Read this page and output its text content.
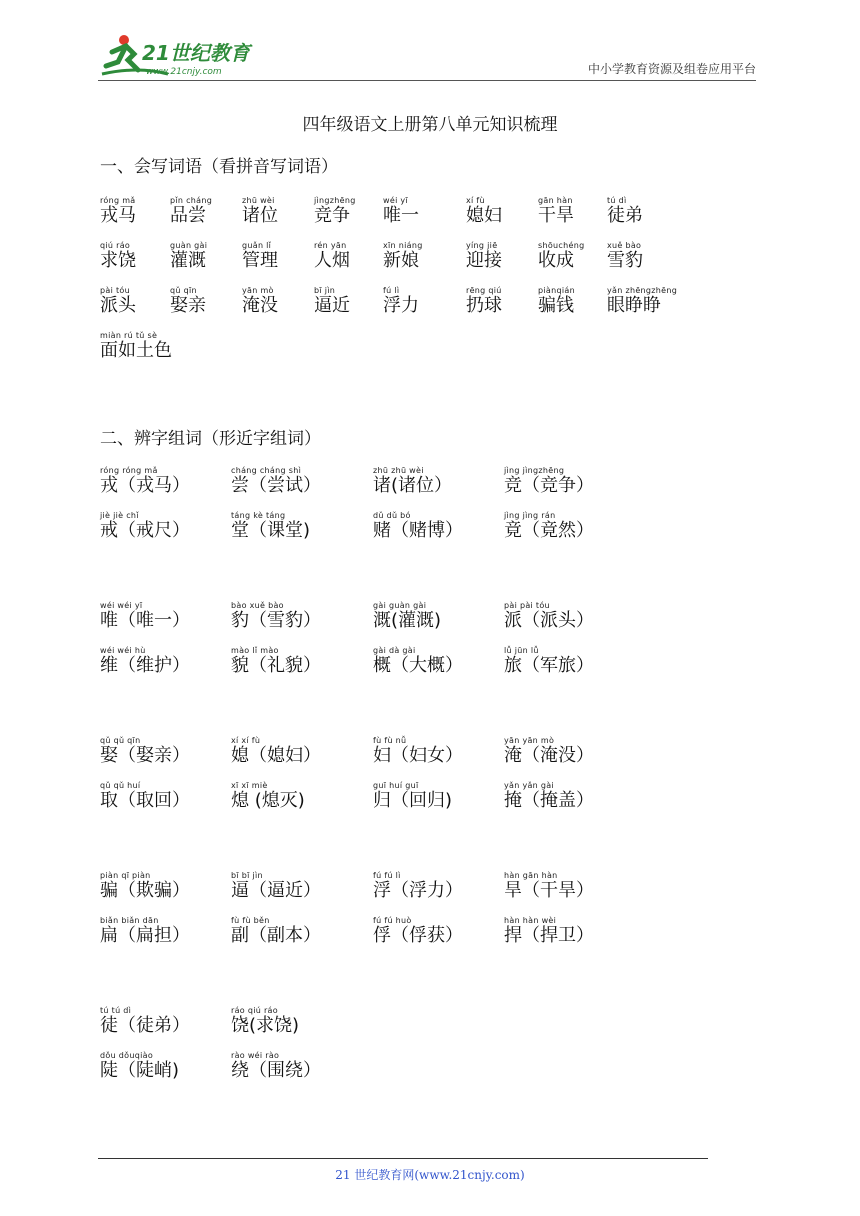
21世纪教育
www.21cnjy.com	中小学教育资源及组卷应用平台
四年级语文上册第八单元知识梳理
一、会写词语（看拼音写词语）
róng mǎ
戎马
pǐn cháng
品尝
zhū wèi
诸位
jìngzhēng
竞争
wéi yī
唯一
xí fù
媳妇
gān hàn
干旱
tú dì
徒弟
qiú ráo
求饶
guàn gài
灌溉
guǎn lǐ
管理
rén yān
人烟
xīn niáng
新娘
yíng jiē
迎接
shōuchéng
收成
xuě bào
雪豹
pài tóu
派头
qǔ qīn
娶亲
yān mò
淹没
bī jìn
逼近
fú lì
浮力
rēng qiú
扔球
piànqián
骗钱
yǎn zhēngzhēng
眼睁睁
miàn rú tǔ sè
面如土色
二、辨字组词（形近字组词）
róng róng mǎ
戎（戎马）
cháng cháng shì
尝（尝试）
zhū zhū wèi
诸(诸位）
jìng jìngzhēng
竞（竞争）
jiè jiè chǐ
戒（戒尺）
táng kè táng
堂（课堂)
dǔ dǔ bó
赌（赌博）
jìng jìng rán
竟（竟然）
wéi wéi yī
唯（唯一）
bào xuě bào
豹（雪豹）
gài guàn gài
溉(灌溉)
pài pài tóu
派（派头）
wéi wéi hù
维（维护）
mào lǐ mào
貌（礼貌）
gài dà gài
概（大概）
lǚ jūn lǚ
旅（军旅）
qǔ qǔ qīn
娶（娶亲）
xí xí fù
媳（媳妇）
fù fù nǚ
妇（妇女）
yān yān mò
淹（淹没）
qǔ qǔ huí
取（取回）
xī xī miè
熄 (熄灭)
guī huí guī
归（回归)
yǎn yǎn gài
掩（掩盖）
piàn qī piàn
骗（欺骗）
bī bī jìn
逼（逼近）
fú fú lì
浮（浮力）
hàn gān hàn
旱（干旱）
biǎn biǎn dān
扁（扁担）
fù fù běn
副（副本）
fú fú huò
俘（俘获）
hàn hàn wèi
捍（捍卫）
tú tú dì
徒（徒弟）
ráo qiú ráo
饶(求饶)
dǒu dǒuqiào
陡（陡峭)
rào wéi rào
绕（围绕）
21 世纪教育网(www.21cnjy.com)
